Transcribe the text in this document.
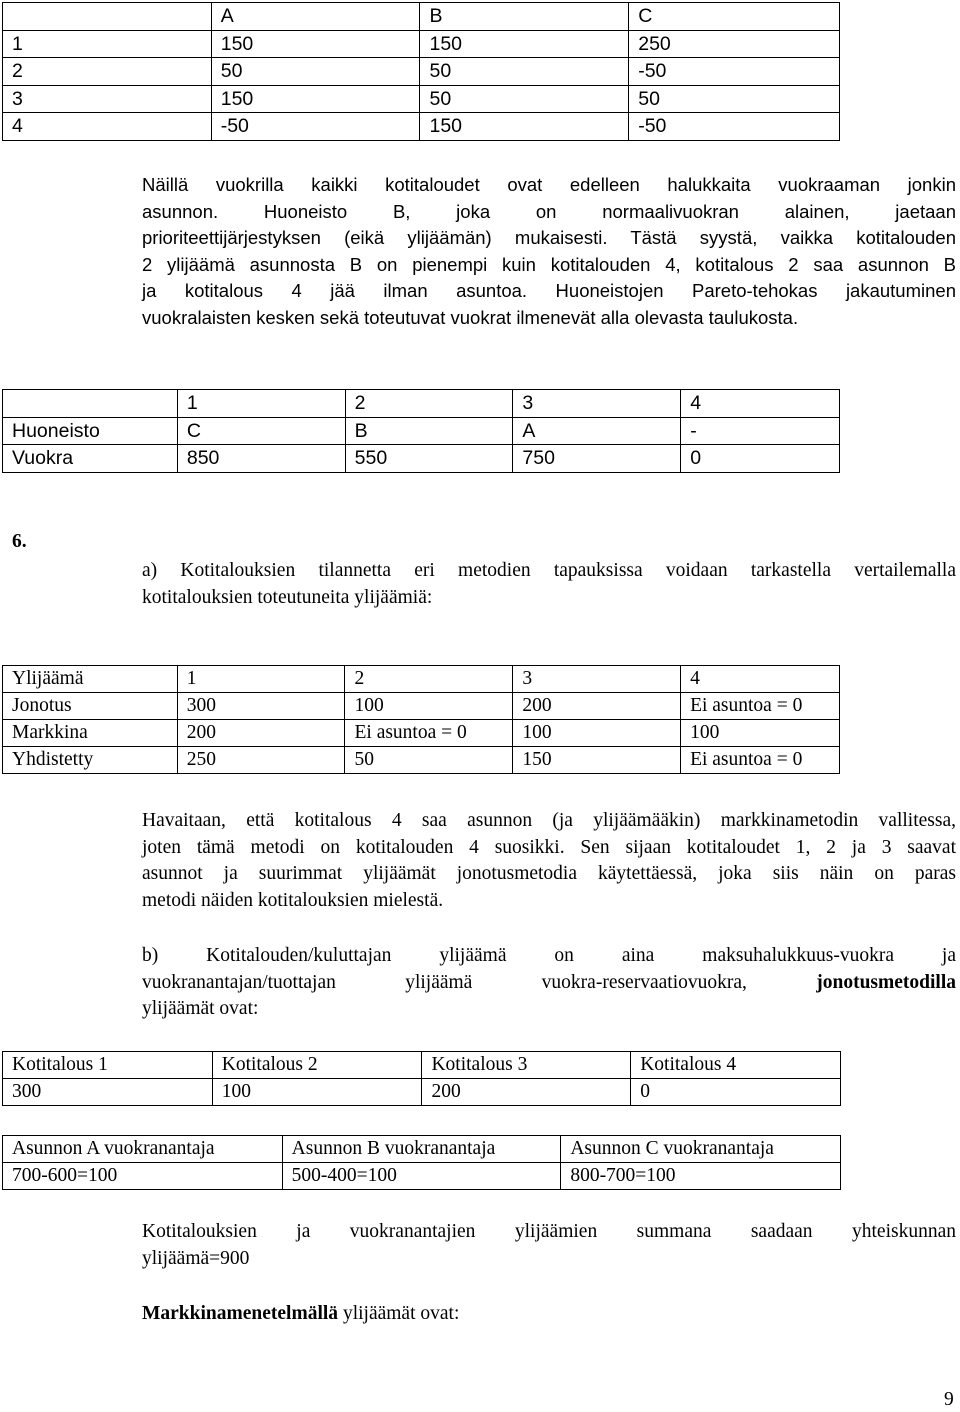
	A	B	C
1	150	150	250
2	50	50	-50
3	150	50	50
4	-50	150	-50
Näillä vuokrilla kaikki kotitaloudet ovat edelleen halukkaita vuokraaman jonkin
asunnon. Huoneisto B, joka on normaalivuokran alainen, jaetaan
prioriteettijärjestyksen (eikä ylijäämän) mukaisesti. Tästä syystä, vaikka kotitalouden
2 ylijäämä asunnosta B on pienempi kuin kotitalouden 4, kotitalous 2 saa asunnon B
ja kotitalous 4 jää ilman asuntoa. Huoneistojen Pareto-tehokas jakautuminen
vuokralaisten kesken sekä toteutuvat vuokrat ilmenevät alla olevasta taulukosta.
	1	2	3	4
Huoneisto	C	B	A	-
Vuokra	850	550	750	0
6.
a) Kotitalouksien tilannetta eri metodien tapauksissa voidaan tarkastella vertailemalla
kotitalouksien toteutuneita ylijäämiä:
Ylijäämä	1	2	3	4
Jonotus	300	100	200	Ei asuntoa = 0
Markkina	200	Ei asuntoa = 0	100	100
Yhdistetty	250	50	150	Ei asuntoa = 0
Havaitaan, että kotitalous 4 saa asunnon (ja ylijäämääkin) markkinametodin vallitessa,
joten tämä metodi on kotitalouden 4 suosikki. Sen sijaan kotitaloudet 1, 2 ja 3 saavat
asunnot ja suurimmat ylijäämät jonotusmetodia käytettäessä, joka siis näin on paras
metodi näiden kotitalouksien mielestä.
b) Kotitalouden/kuluttajan ylijäämä on aina maksuhalukkuus-vuokra ja
vuokranantajan/tuottajan ylijäämä vuokra-reservaatiovuokra,	jonotusmetodilla
ylijäämät ovat:
Kotitalous 1	Kotitalous 2	Kotitalous 3	Kotitalous 4
300	100	200	0
Asunnon A vuokranantaja	Asunnon B vuokranantaja	Asunnon C vuokranantaja
700-600=100	500-400=100	800-700=100
Kotitalouksien ja vuokranantajien ylijäämien summana saadaan yhteiskunnan
ylijäämä=900
Markkinamenetelmällä ylijäämät ovat:
9
